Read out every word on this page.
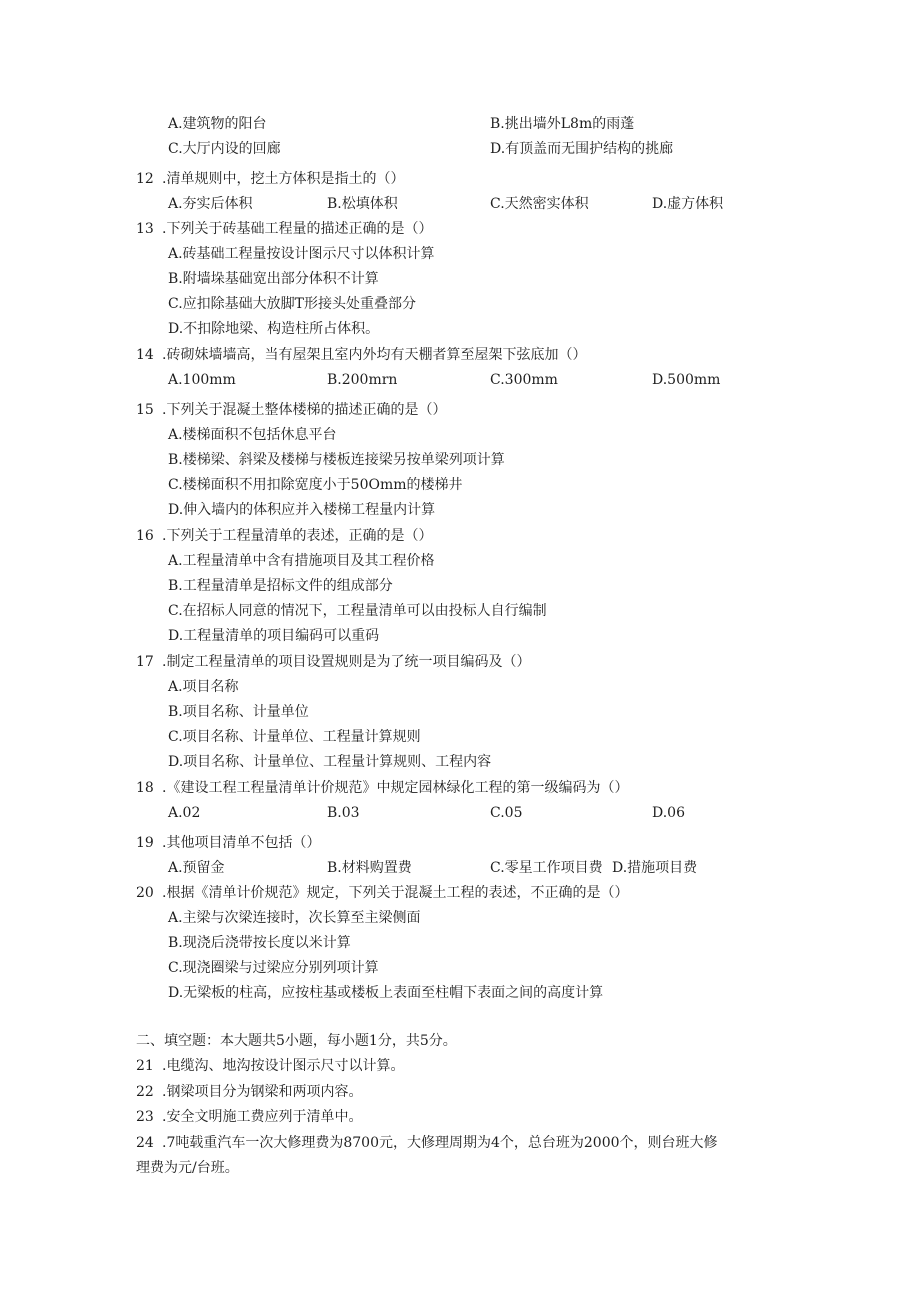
A.建筑物的阳台	B.挑出墙外L8m的雨蓬
C.大厅内设的回廊	D.有顶盖而无围护结构的挑廊
12 .清单规则中，挖土方体积是指土的（）
A.夯实后体积	B.松填体积	C.天然密实体积	D.虚方体积
13 .下列关于砖基础工程量的描述正确的是（）
A.砖基础工程量按设计图示尺寸以体积计算
B.附墙垛基础宽出部分体积不计算
C.应扣除基础大放脚T形接头处重叠部分
D.不扣除地梁、构造柱所占体积。
14 .砖砌妹墙墙高，当有屋架且室内外均有天棚者算至屋架下弦底加（）
A.100mm	B.200mrn	C.300mm	D.500mm
15 .下列关于混凝土整体楼梯的描述正确的是（）
A.楼梯面积不包括休息平台
B.楼梯梁、斜梁及楼梯与楼板连接梁另按单梁列项计算
C.楼梯面积不用扣除宽度小于50Omm的楼梯井
D.伸入墙内的体积应并入楼梯工程量内计算
16 .下列关于工程量清单的表述，正确的是（）
A.工程量清单中含有措施项目及其工程价格
B.工程量清单是招标文件的组成部分
C.在招标人同意的情况下，工程量清单可以由投标人自行编制
D.工程量清单的项目编码可以重码
17 .制定工程量清单的项目设置规则是为了统一项目编码及（）
A.项目名称
B.项目名称、计量单位
C.项目名称、计量单位、工程量计算规则
D.项目名称、计量单位、工程量计算规则、工程内容
18 .《建设工程工程量清单计价规范》中规定园林绿化工程的第一级编码为（）
A.02	B.03	C.05	D.06
19 .其他项目清单不包括（）
A.预留金	B.材料购置费	C.零星工作项目费 D.措施项目费
20 .根据《清单计价规范》规定，下列关于混凝土工程的表述，不正确的是（）
A.主梁与次梁连接时，次长算至主梁侧面
B.现浇后浇带按长度以米计算
C.现浇圈梁与过梁应分别列项计算
D.无梁板的柱高，应按柱基或楼板上表面至柱帽下表面之间的高度计算
二、填空题：本大题共5小题，每小题1分，共5分。
21 .电缆沟、地沟按设计图示尺寸以计算。
22 .钢梁项目分为钢梁和两项内容。
23 .安全文明施工费应列于清单中。
24 .7吨载重汽车一次大修理费为8700元，大修理周期为4个，总台班为2000个，则台班大修
理费为元/台班。
